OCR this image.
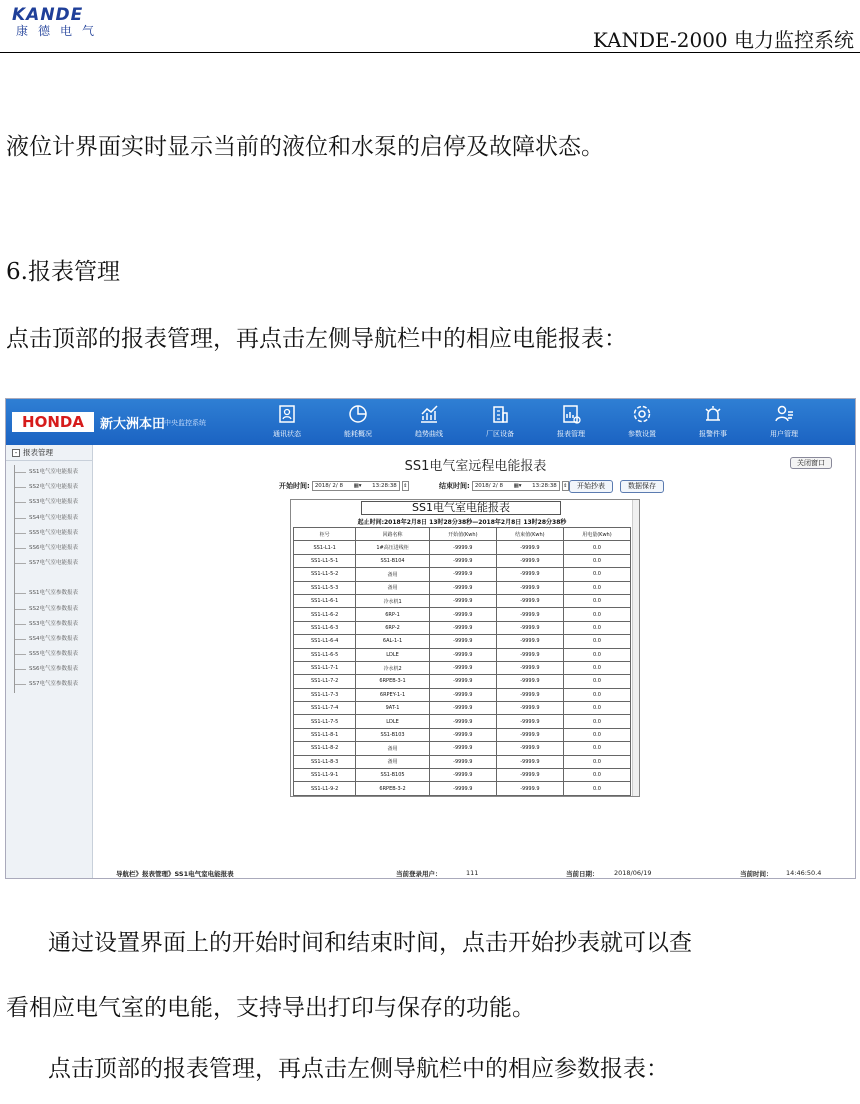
KANDE
康德电气	KANDE-2000 电力监控系统
液位计界面实时显示当前的液位和水泵的启停及故障状态。
6.报表管理
点击顶部的报表管理，再点击左侧导航栏中的相应电能报表：
HONDA	新大洲本田
中央监控系统
通讯状态	能耗概况	趋势曲线	厂区设备	报表管理	参数设置	报警件事	用户管理
- 报表管理
SS1电气室电能报表
SS2电气室电能报表
SS3电气室电能报表
SS4电气室电能报表
SS5电气室电能报表
SS6电气室电能报表
SS7电气室电能报表
SS1电气室参数报表
SS2电气室参数报表
SS3电气室参数报表
SS4电气室参数报表
SS5电气室参数报表
SS6电气室参数报表
SS7电气室参数报表
SS1电气室远程电能报表	关闭窗口
开始时间: 2018/ 2/ 8 ▦▾ 13:28:38 ⇕	结束时间: 2018/ 2/ 8 ▦▾ 13:28:38 ⇕	开始抄表	数据保存
SS1电气室电能报表
起止时间:2018年2月8日 13时28分38秒—2018年2月8日 13时28分38秒
柜号	回路名称	开始值(Kwh)	结束值(Kwh)	用电量(Kwh)
SS1-L1-1	1#高压进线柜	-9999.9	-9999.9	0.0
SS1-L1-5-1	SS1-B104	-9999.9	-9999.9	0.0
SS1-L1-5-2	备用	-9999.9	-9999.9	0.0
SS1-L1-5-3	备用	-9999.9	-9999.9	0.0
SS1-L1-6-1	冷水机1	-9999.9	-9999.9	0.0
SS1-L1-6-2	6RP-1	-9999.9	-9999.9	0.0
SS1-L1-6-3	6RP-2	-9999.9	-9999.9	0.0
SS1-L1-6-4	6AL-1-1	-9999.9	-9999.9	0.0
SS1-L1-6-5	LDLE	-9999.9	-9999.9	0.0
SS1-L1-7-1	冷水机2	-9999.9	-9999.9	0.0
SS1-L1-7-2	6RPEB-3-1	-9999.9	-9999.9	0.0
SS1-L1-7-3	6RPEY-1-1	-9999.9	-9999.9	0.0
SS1-L1-7-4	9AT-1	-9999.9	-9999.9	0.0
SS1-L1-7-5	LDLE	-9999.9	-9999.9	0.0
SS1-L1-8-1	SS1-B103	-9999.9	-9999.9	0.0
SS1-L1-8-2	备用	-9999.9	-9999.9	0.0
SS1-L1-8-3	备用	-9999.9	-9999.9	0.0
SS1-L1-9-1	SS1-B105	-9999.9	-9999.9	0.0
SS1-L1-9-2	6RPEB-3-2	-9999.9	-9999.9	0.0
导航栏》报表管理》SS1电气室电能报表	当前登录用户：	111	当前日期： 2018/06/19	当前时间： 14:46:50.4
通过设置界面上的开始时间和结束时间，点击开始抄表就可以查
看相应电气室的电能，支持导出打印与保存的功能。
点击顶部的报表管理，再点击左侧导航栏中的相应参数报表：
